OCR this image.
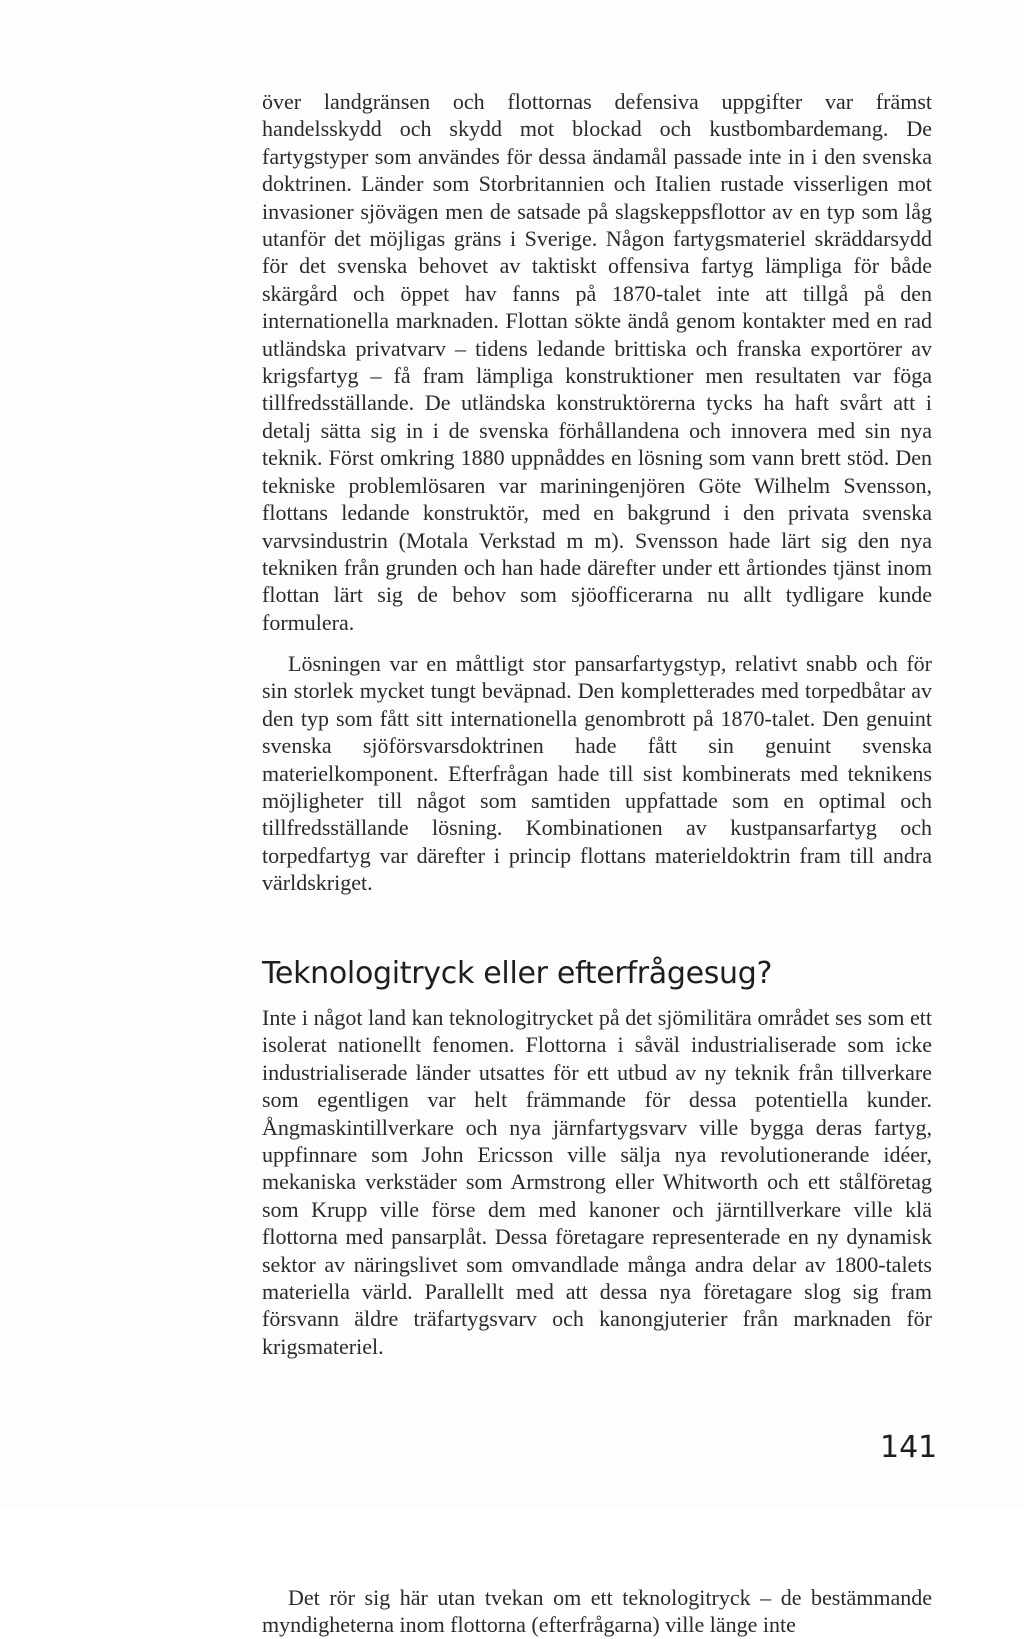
över landgränsen och flottornas defensiva uppgifter var främst handelsskydd och skydd mot blockad och kustbombardemang. De fartygstyper som användes för dessa ändamål passade inte in i den svenska doktrinen. Länder som Storbritannien och Italien rustade visserligen mot invasioner sjövägen men de satsade på slagskeppsflottor av en typ som låg utanför det möjligas gräns i Sverige. Någon fartygsmateriel skräddarsydd för det svenska behovet av taktiskt offensiva fartyg lämpliga för både skärgård och öppet hav fanns på 1870-talet inte att tillgå på den internationella marknaden. Flottan sökte ändå genom kontakter med en rad utländska privatvarv – tidens ledande brittiska och franska exportörer av krigsfartyg – få fram lämpliga konstruktioner men resultaten var föga tillfredsställande. De utländska konstruktörerna tycks ha haft svårt att i detalj sätta sig in i de svenska förhållandena och innovera med sin nya teknik. Först omkring 1880 uppnåddes en lösning som vann brett stöd. Den tekniske problemlösaren var mariningenjören Göte Wilhelm Svensson, flottans ledande konstruktör, med en bakgrund i den privata svenska varvsindustrin (Motala Verkstad m m). Svensson hade lärt sig den nya tekniken från grunden och han hade därefter under ett årtiondes tjänst inom flottan lärt sig de behov som sjöofficerarna nu allt tydligare kunde formulera.

Lösningen var en måttligt stor pansarfartygstyp, relativt snabb och för sin storlek mycket tungt beväpnad. Den kompletterades med torpedbåtar av den typ som fått sitt internationella genombrott på 1870-talet. Den genuint svenska sjöförsvarsdoktrinen hade fått sin genuint svenska materielkomponent. Efterfrågan hade till sist kombinerats med teknikens möjligheter till något som samtiden uppfattade som en optimal och tillfredsställande lösning. Kombinationen av kustpansarfartyg och torpedfartyg var därefter i princip flottans materieldoktrin fram till andra världskriget.

Teknologitryck eller efterfrågesug?

Inte i något land kan teknologitrycket på det sjömilitära området ses som ett isolerat nationellt fenomen. Flottorna i såväl industrialiserade som icke industrialiserade länder utsattes för ett utbud av ny teknik från tillverkare som egentligen var helt främmande för dessa potentiella kunder. Ångmaskintillverkare och nya järnfartygsvarv ville bygga deras fartyg, uppfinnare som John Ericsson ville sälja nya revolutionerande idéer, mekaniska verkstäder som Armstrong eller Whitworth och ett stålföretag som Krupp ville förse dem med kanoner och järntillverkare ville klä flottorna med pansarplåt. Dessa företagare representerade en ny dynamisk sektor av näringslivet som omvandlade många andra delar av 1800-talets materiella värld. Parallellt med att dessa nya företagare slog sig fram försvann äldre träfartygsvarv och kanongjuterier från marknaden för krigsmateriel.

Det rör sig här utan tvekan om ett teknologitryck – de bestämmande myndigheterna inom flottorna (efterfrågarna) ville länge inte

141
